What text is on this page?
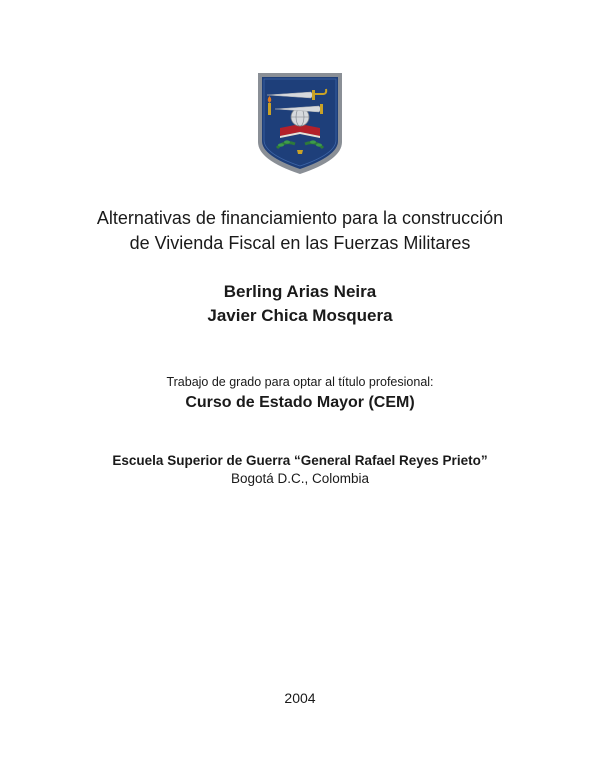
Alternativas de financiamiento para la construcción
de Vivienda Fiscal en las Fuerzas Militares
Berling Arias Neira
Javier Chica Mosquera
Trabajo de grado para optar al título profesional:
Curso de Estado Mayor (CEM)
Escuela Superior de Guerra “General Rafael Reyes Prieto”
Bogotá D.C., Colombia
2004
